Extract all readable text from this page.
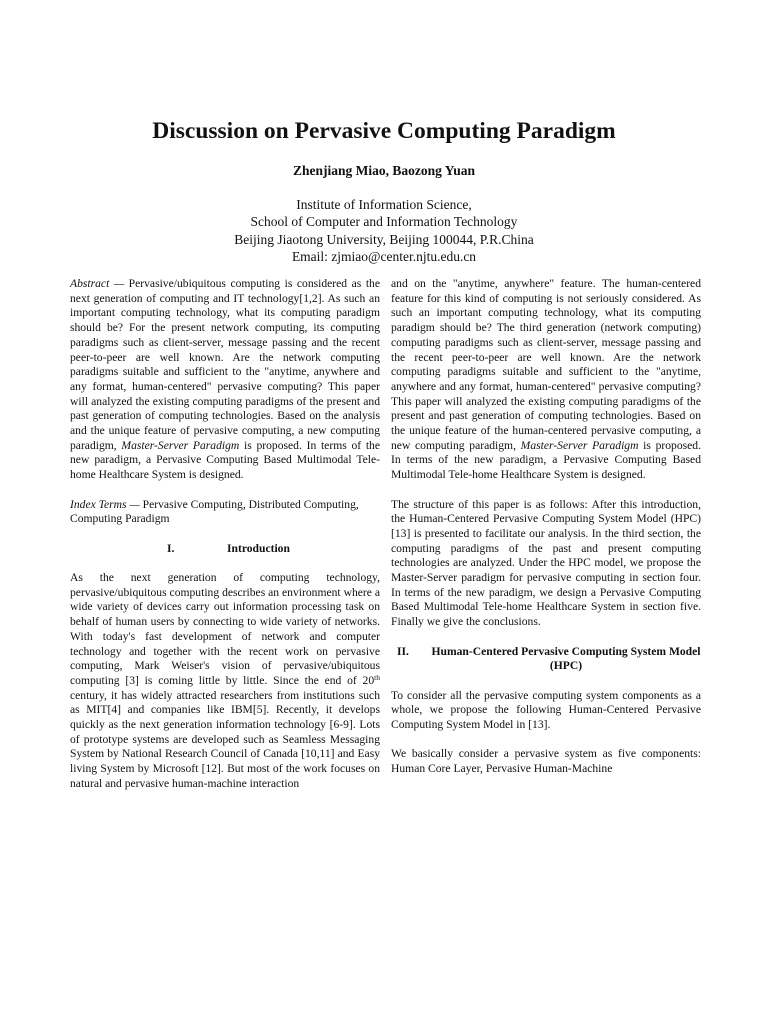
Discussion on Pervasive Computing Paradigm
Zhenjiang Miao, Baozong Yuan
Institute of Information Science,
School of Computer and Information Technology
Beijing Jiaotong University, Beijing 100044, P.R.China
Email: zjmiao@center.njtu.edu.cn

Abstract — Pervasive/ubiquitous computing is considered as the next generation of computing and IT technology[1,2]. As such an important computing technology, what its computing paradigm should be? For the present network computing, its computing paradigms such as client-server, message passing and the recent peer-to-peer are well known. Are the network computing paradigms suitable and sufficient to the "anytime, anywhere and any format, human-centered" pervasive computing? This paper will analyzed the existing computing paradigms of the present and past generation of computing technologies. Based on the analysis and the unique feature of pervasive computing, a new computing paradigm, Master-Server Paradigm is proposed. In terms of the new paradigm, a Pervasive Computing Based Multimodal Tele-home Healthcare System is designed.

Index Terms — Pervasive Computing, Distributed Computing, Computing Paradigm

I.	Introduction

As the next generation of computing technology, pervasive/ubiquitous computing describes an environment where a wide variety of devices carry out information processing task on behalf of human users by connecting to wide variety of networks. With today's fast development of network and computer technology and together with the recent work on pervasive computing, Mark Weiser's vision of pervasive/ubiquitous computing [3] is coming little by little. Since the end of 20th century, it has widely attracted researchers from institutions such as MIT[4] and companies like IBM[5]. Recently, it develops quickly as the next generation information technology [6-9]. Lots of prototype systems are developed such as Seamless Messaging System by National Research Council of Canada [10,11] and Easy living System by Microsoft [12]. But most of the work focuses on natural and pervasive human-machine interaction

and on the "anytime, anywhere" feature. The human-centered feature for this kind of computing is not seriously considered. As such an important computing technology, what its computing paradigm should be? The third generation (network computing) computing paradigms such as client-server, message passing and the recent peer-to-peer are well known. Are the network computing paradigms suitable and sufficient to the "anytime, anywhere and any format, human-centered" pervasive computing? This paper will analyzed the existing computing paradigms of the present and past generation of computing technologies. Based on the unique feature of the human-centered pervasive computing, a new computing paradigm, Master-Server Paradigm is proposed. In terms of the new paradigm, a Pervasive Computing Based Multimodal Tele-home Healthcare System is designed.

The structure of this paper is as follows: After this introduction, the Human-Centered Pervasive Computing System Model (HPC) [13] is presented to facilitate our analysis. In the third section, the computing paradigms of the past and present computing technologies are analyzed. Under the HPC model, we propose the Master-Server paradigm for pervasive computing in section four. In terms of the new paradigm, we design a Pervasive Computing Based Multimodal Tele-home Healthcare System in section five. Finally we give the conclusions.

II.	Human-Centered Pervasive Computing System Model (HPC)

To consider all the pervasive computing system components as a whole, we propose the following Human-Centered Pervasive Computing System Model in [13].

We basically consider a pervasive system as five components: Human Core Layer, Pervasive Human-Machine
